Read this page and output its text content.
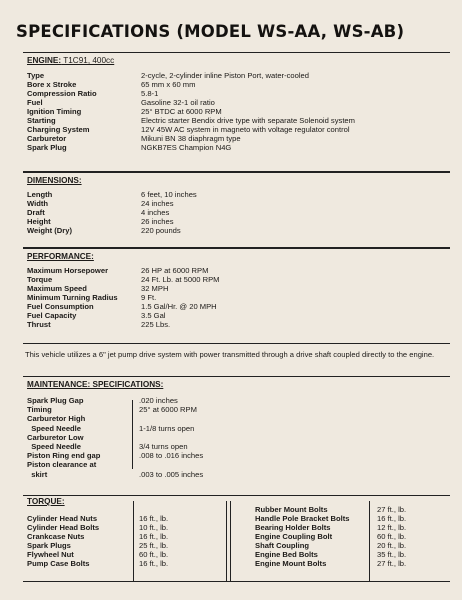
SPECIFICATIONS (MODEL WS-AA, WS-AB)
ENGINE: T1C91, 400cc
Type	2-cycle, 2-cylinder inline Piston Port, water-cooled
Bore x Stroke	65 mm x 60 mm
Compression Ratio	5.8-1
Fuel	Gasoline 32-1 oil ratio
Ignition Timing	25° BTDC at 6000 RPM
Starting	Electric starter Bendix drive type with separate Solenoid system
Charging System	12V 45W AC system in magneto with voltage regulator control
Carburetor	Mikuni BN 38 diaphragm type
Spark Plug	NGKB7ES Champion N4G
DIMENSIONS:
Length	6 feet, 10 inches
Width	24 inches
Draft	4 inches
Height	26 inches
Weight (Dry)	220 pounds
PERFORMANCE:
Maximum Horsepower	26 HP at 6000 RPM
Torque	24 Ft. Lb. at 5000 RPM
Maximum Speed	32 MPH
Minimum Turning Radius	9 Ft.
Fuel Consumption	1.5 Gal/Hr. @ 20 MPH
Fuel Capacity	3.5 Gal
Thrust	225 Lbs.
This vehicle utilizes a 6" jet pump drive system with power transmitted through a drive shaft coupled directly to the engine.
MAINTENANCE: SPECIFICATIONS:
Spark Plug Gap	.020 inches
Timing	25° at 6000 RPM
Carburetor High
Speed Needle	1-1/8 turns open
Carburetor Low
Speed Needle	3/4 turns open
Piston Ring end gap	.008 to .016 inches
Piston clearance at
skirt	.003 to .005 inches
TORQUE:
Cylinder Head Nuts	16 ft., lb.
Cylinder Head Bolts	10 ft., lb.
Crankcase Nuts	16 ft., lb.
Spark Plugs	25 ft., lb.
Flywheel Nut	60 ft., lb.
Pump Case Bolts	16 ft., lb.
Rubber Mount Bolts	27 ft., lb.
Handle Pole Bracket Bolts	16 ft., lb.
Bearing Holder Bolts	12 ft., lb.
Engine Coupling Bolt	60 ft., lb.
Shaft Coupling	20 ft., lb.
Engine Bed Bolts	35 ft., lb.
Engine Mount Bolts	27 ft., lb.
